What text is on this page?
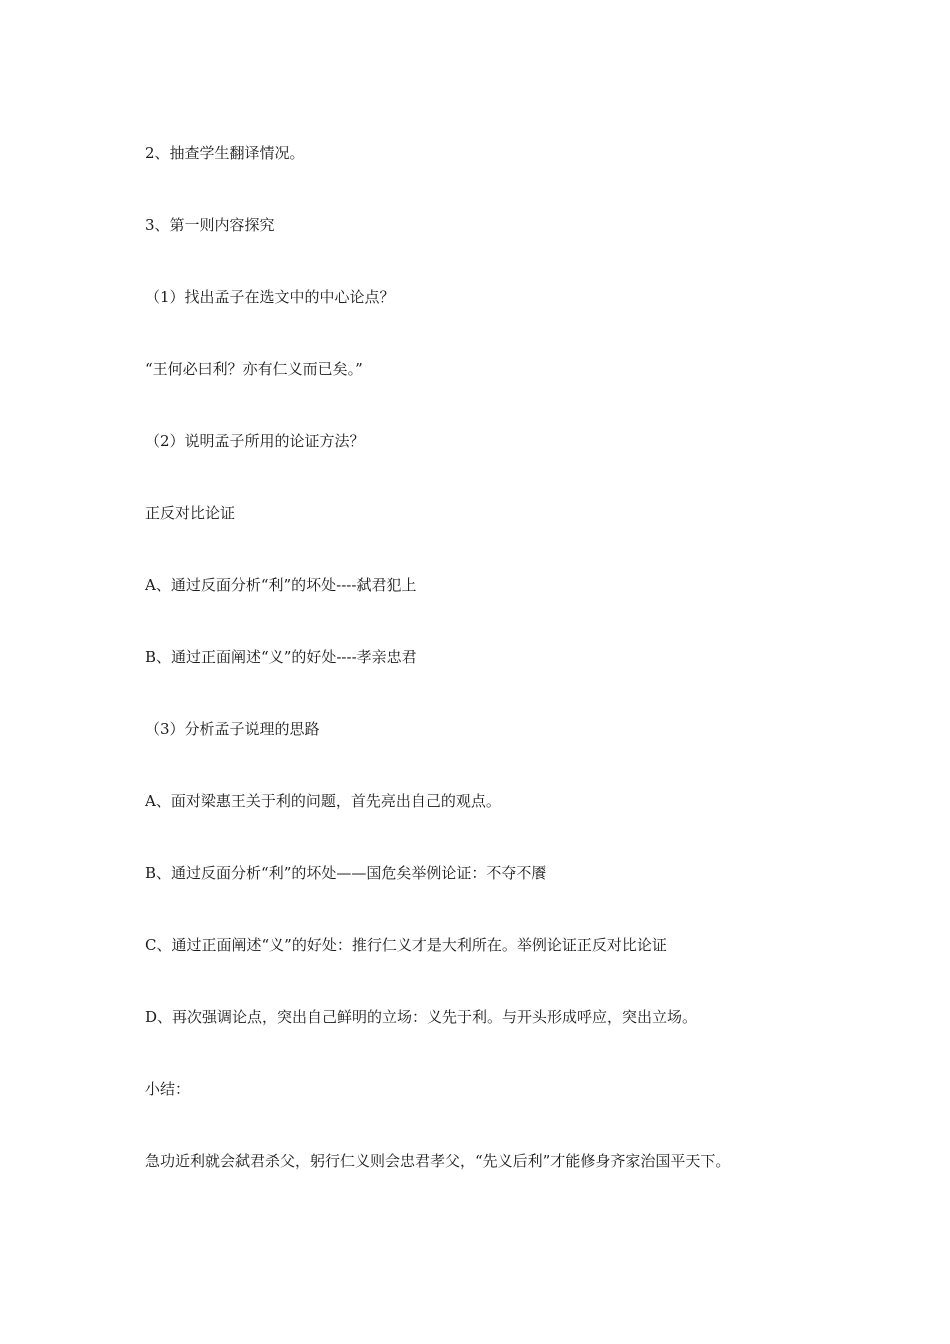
2、抽查学生翻译情况。

3、第一则内容探究

（1）找出孟子在选文中的中心论点？

“王何必曰利？亦有仁义而已矣。”

（2）说明孟子所用的论证方法？

正反对比论证

A、通过反面分析“利”的坏处----弑君犯上

B、通过正面阐述“义”的好处----孝亲忠君

（3）分析孟子说理的思路

A、面对梁惠王关于利的问题，首先亮出自己的观点。

B、通过反面分析“利”的坏处——国危矣举例论证：不夺不餍

C、通过正面阐述“义”的好处：推行仁义才是大利所在。举例论证正反对比论证

D、再次强调论点，突出自己鲜明的立场：义先于利。与开头形成呼应，突出立场。

小结：

急功近利就会弑君杀父，躬行仁义则会忠君孝父，“先义后利”才能修身齐家治国平天下。
